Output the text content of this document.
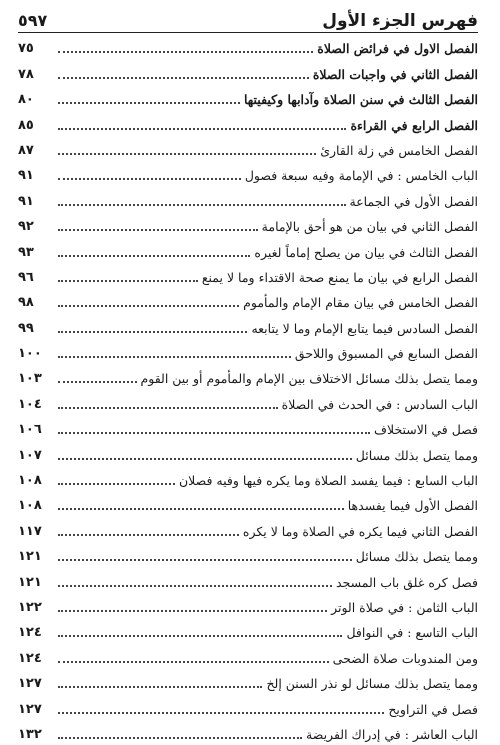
فهرس الجزء الأول
٥٩٧
الفصل الاول في فرائض الصلاة
٧٥
الفصل الثاني في واجبات الصلاة
٧٨
الفصل الثالث في سنن الصلاة وآدابها وكيفيتها
٨٠
الفصل الرابع في القراءة
٨٥
الفصل الخامس في زلة القارئ
٨٧
الباب الخامس : في الإمامة وفيه سبعة فصول
٩١
الفصل الأول في الجماعة
٩١
الفصل الثاني في بيان من هو أحق بالإمامة
٩٢
الفصل الثالث في بيان من يصلح إماماً لغيره
٩٣
الفصل الرابع في بيان ما يمنع صحة الاقتداء وما لا يمنع
٩٦
الفصل الخامس في بيان مقام الإمام والمأموم
٩٨
الفصل السادس فيما يتابع الإمام وما لا يتابعه
٩٩
الفصل السابع في المسبوق واللاحق
١٠٠
ومما يتصل بذلك مسائل الاختلاف بين الإمام والمأموم أو بين القوم
١٠٣
الباب السادس : في الحدث في الصلاة
١٠٤
فصل في الاستخلاف
١٠٦
ومما يتصل بذلك مسائل
١٠٧
الباب السابع : فيما يفسد الصلاة وما يكره فيها وفيه فصلان
١٠٨
الفصل الأول فيما يفسدها
١٠٨
الفصل الثاني فيما يكره في الصلاة وما لا يكره
١١٧
ومما يتصل بذلك مسائل
١٢١
فصل كره غلق باب المسجد
١٢١
الباب الثامن : في صلاة الوتر
١٢٢
الباب التاسع : في النوافل
١٢٤
ومن المندوبات صلاة الضحى
١٢٤
ومما يتصل بذلك مسائل لو نذر السنن إلخ
١٢٧
فصل في التراويح
١٢٧
الباب العاشر : في إدراك الفريضة
١٣٢
